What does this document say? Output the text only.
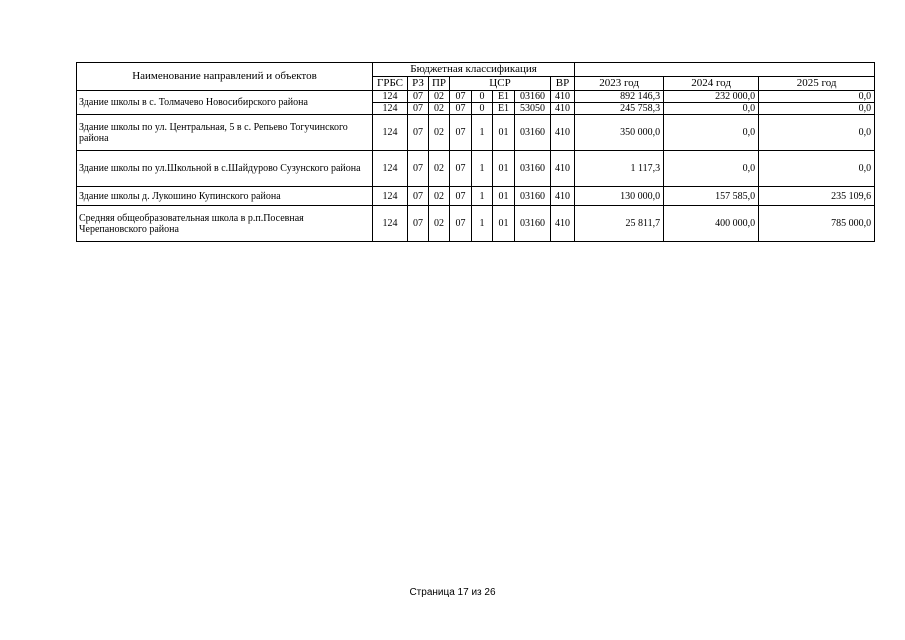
Наименование направлений и объектов	Бюджетная классификация										
	ГРБС	РЗ	ПР	ЦСР				ВР	2023 год	2024 год	2025 год
Здание школы в с. Толмачево Новосибирского района	124	07	02	07	0	E1	03160	410	892 146,3	232 000,0	0,0
	124	07	02	07	0	E1	53050	410	245 758,3	0,0	0,0
Здание школы по ул. Центральная, 5 в с. Репьево Тогучинского района	124	07	02	07	1	01	03160	410	350 000,0	0,0	0,0
Здание школы по ул.Школьной в с.Шайдурово Сузунского района	124	07	02	07	1	01	03160	410	1 117,3	0,0	0,0
Здание школы д. Лукошино Купинского района	124	07	02	07	1	01	03160	410	130 000,0	157 585,0	235 109,6
Средняя общеобразовательная школа в р.п.Посевная Черепановского района	124	07	02	07	1	01	03160	410	25 811,7	400 000,0	785 000,0
Страница 17 из 26
